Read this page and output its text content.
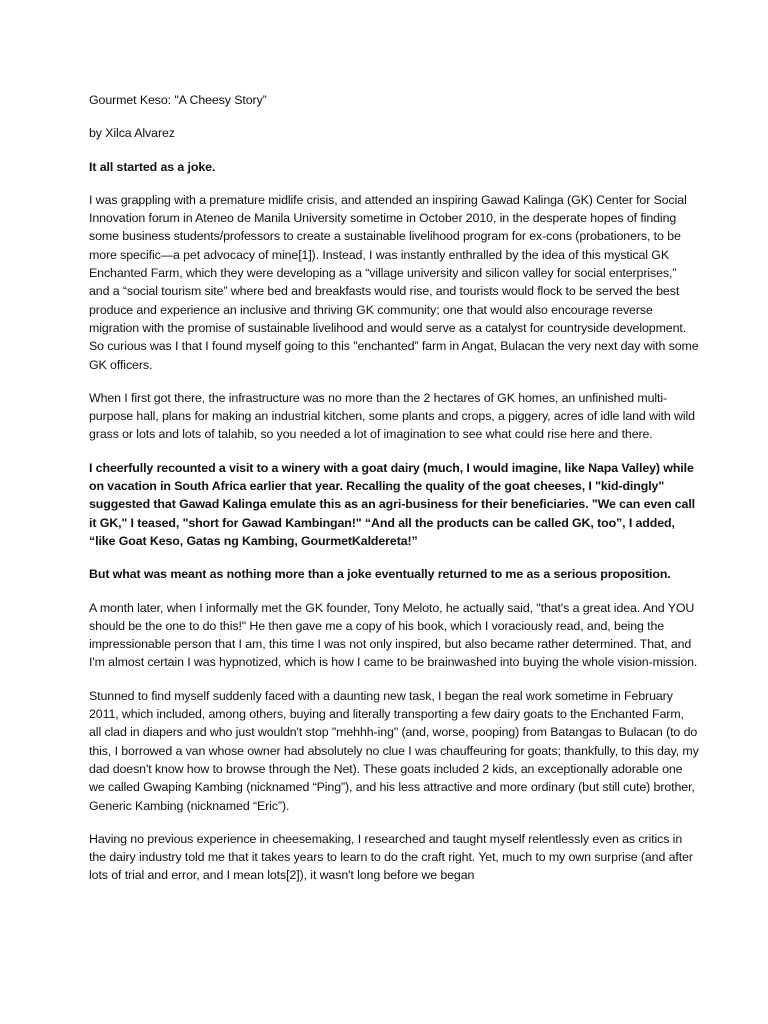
Gourmet Keso: "A Cheesy Story”

by Xilca Alvarez

It all started as a joke.

I was grappling with a premature midlife crisis, and attended an inspiring Gawad Kalinga (GK) Center for Social Innovation forum in Ateneo de Manila University sometime in October 2010, in the desperate hopes of finding some business students/professors to create a sustainable livelihood program for ex-cons (probationers, to be more specific—a pet advocacy of mine[1]). Instead, I was instantly enthralled by the idea of this mystical GK Enchanted Farm, which they were developing as a “village university and silicon valley for social enterprises,” and a “social tourism site” where bed and breakfasts would rise, and tourists would flock to be served the best produce and experience an inclusive and thriving GK community; one that would also encourage reverse migration with the promise of sustainable livelihood and would serve as a catalyst for countryside development. So curious was I that I found myself going to this "enchanted” farm in Angat, Bulacan the very next day with some GK officers.

When I first got there, the infrastructure was no more than the 2 hectares of GK homes, an unfinished multi-purpose hall, plans for making an industrial kitchen, some plants and crops, a piggery, acres of idle land with wild grass or lots and lots of talahib, so you needed a lot of imagination to see what could rise here and there.

I cheerfully recounted a visit to a winery with a goat dairy (much, I would imagine, like Napa Valley) while on vacation in South Africa earlier that year. Recalling the quality of the goat cheeses, I "kid-dingly" suggested that Gawad Kalinga emulate this as an agri-business for their beneficiaries. "We can even call it GK," I teased, "short for Gawad Kambingan!" “And all the products can be called GK, too”, I added, “like Goat Keso, Gatas ng Kambing, GourmetKaldereta!”

But what was meant as nothing more than a joke eventually returned to me as a serious proposition.

A month later, when I informally met the GK founder, Tony Meloto, he actually said, "that's a great idea. And YOU should be the one to do this!" He then gave me a copy of his book, which I voraciously read, and, being the impressionable person that I am, this time I was not only inspired, but also became rather determined. That, and I'm almost certain I was hypnotized, which is how I came to be brainwashed into buying the whole vision-mission.

Stunned to find myself suddenly faced with a daunting new task, I began the real work sometime in February 2011, which included, among others, buying and literally transporting a few dairy goats to the Enchanted Farm, all clad in diapers and who just wouldn't stop "mehhh-ing" (and, worse, pooping) from Batangas to Bulacan (to do this, I borrowed a van whose owner had absolutely no clue I was chauffeuring for goats; thankfully, to this day, my dad doesn't know how to browse through the Net). These goats included 2 kids, an exceptionally adorable one we called Gwaping Kambing (nicknamed “Ping”), and his less attractive and more ordinary (but still cute) brother, Generic Kambing (nicknamed “Eric”).

Having no previous experience in cheesemaking, I researched and taught myself relentlessly even as critics in the dairy industry told me that it takes years to learn to do the craft right. Yet, much to my own surprise (and after lots of trial and error, and I mean lots[2]), it wasn't long before we began
